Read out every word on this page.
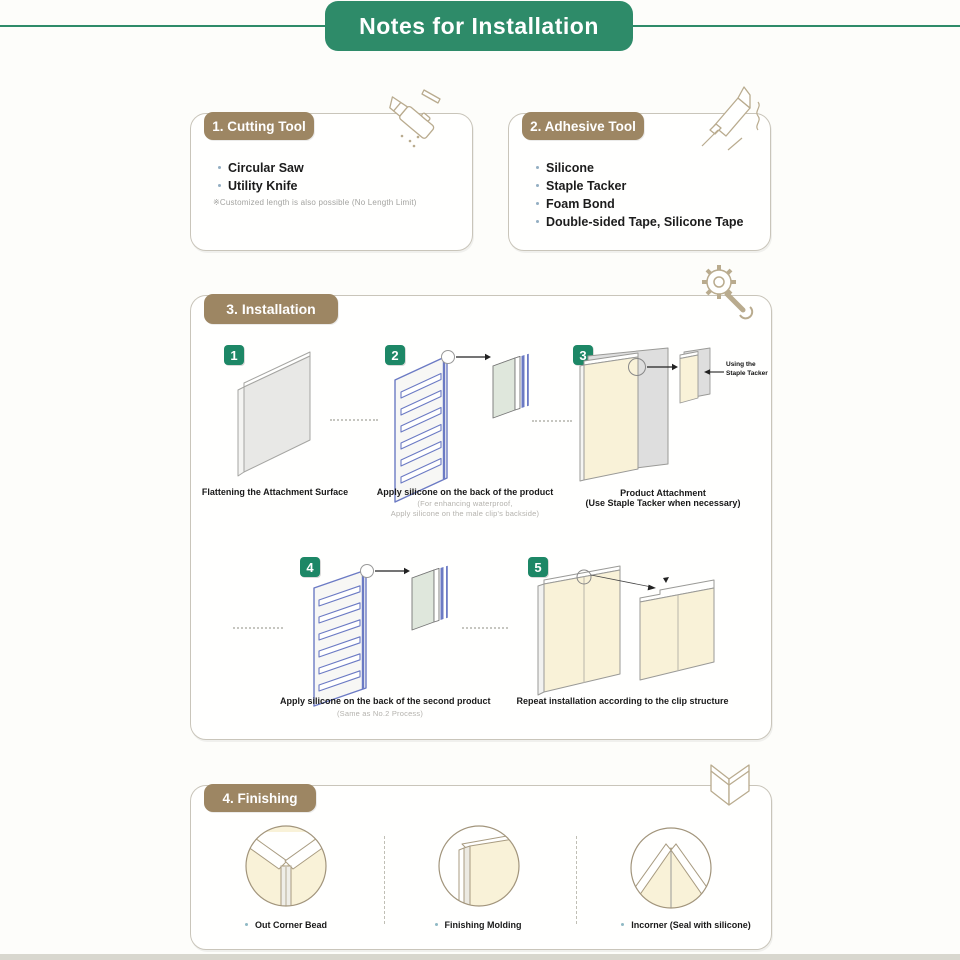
Notes for Installation
1. Cutting Tool
Circular Saw
Utility Knife
※Customized length is also possible (No Length Limit)
2. Adhesive Tool
Silicone
Staple Tacker
Foam Bond
Double-sided Tape, Silicone Tape
3. Installation
1
Flattening the Attachment Surface
2
Apply silicone on the back of the product
(For enhancing waterproof,
Apply silicone on the male clip's backside)
3
Using the
Staple Tacker
Product Attachment
(Use Staple Tacker when necessary)
4
Apply silicone on the back of the second product
(Same as No.2 Process)
5
Repeat installation according to the clip structure
4. Finishing
Out Corner Bead	Finishing Molding	Incorner (Seal with silicone)
